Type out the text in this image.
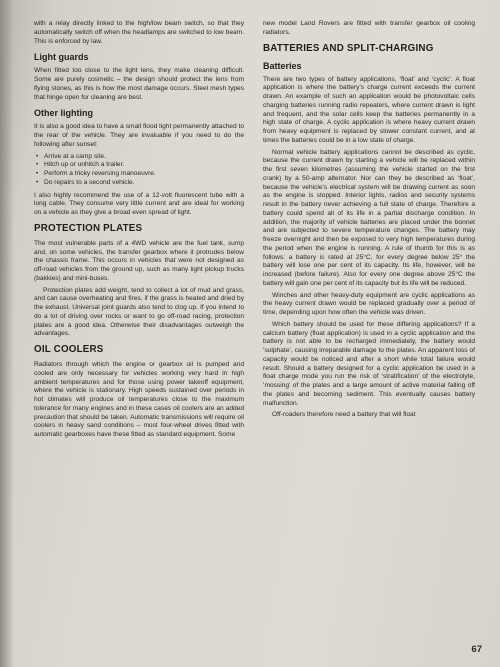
with a relay directly linked to the high/low beam switch, so that they automatically switch off when the headlamps are switched to low beam. This is enforced by law.

Light guards

When fitted too close to the light lens, they make cleaning difficult. Some are purely cosmetic – the design should protect the lens from flying stones, as this is how the most damage occurs. Steel mesh types that hinge open for cleaning are best.

Other lighting

It is also a good idea to have a small flood light permanently attached to the rear of the vehicle. They are invaluable if you need to do the following after sunset:

• Arrive at a camp site.
• Hitch up or unhitch a trailer.
• Perform a tricky reversing manoeuvre.
• Do repairs to a second vehicle.

I also highly recommend the use of a 12-volt fluorescent tube with a long cable. They consume very little current and are ideal for working on a vehicle as they give a broad even spread of light.

PROTECTION PLATES

The most vulnerable parts of a 4WD vehicle are the fuel tank, sump and, on some vehicles, the transfer gearbox where it protrudes below the chassis frame. This occurs in vehicles that were not designed as off-road vehicles from the ground up, such as many light pickup trucks (bakkies) and mini-buses.

Protection plates add weight, tend to collect a lot of mud and grass, and can cause overheating and fires, if the grass is heated and dried by the exhaust. Universal joint guards also tend to clog up. If you intend to do a lot of driving over rocks or want to go off-road racing, protection plates are a good idea. Otherwise their disadvantages outweigh the advantages.

OIL COOLERS

Radiators through which the engine or gearbox oil is pumped and cooled are only necessary for vehicles working very hard in high ambient temperatures and for those using power takeoff equipment, where the vehicle is stationary. High speeds sustained over periods in hot climates will produce oil temperatures close to the maximum tolerance for many engines and in these cases oil coolers are an added precaution that should be taken. Automatic transmissions will require oil coolers in heavy sand conditions – most four-wheel drives fitted with automatic gearboxes have these fitted as standard equipment. Some

new model Land Rovers are fitted with transfer gearbox oil cooling radiators.

BATTERIES AND SPLIT-CHARGING
Batteries

There are two types of battery applications, ‘float’ and ‘cyclic’. A float application is where the battery’s charge current exceeds the current drawn. An example of such an application would be photovoltaic cells charging batteries running radio repeaters, where current drawn is light and frequent, and the solar cells keep the batteries permanently in a high state of charge. A cyclic application is where heavy current drawn from heavy equipment is replaced by slower constant current, and at times the batteries could be in a low state of charge.

Normal vehicle battery applications cannot be described as cyclic, because the current drawn by starting a vehicle will be replaced within the first seven kilometres (assuming the vehicle started on the first crank) by a 50-amp alternator. Nor can they be described as ‘float’, because the vehicle’s electrical system will be drawing current as soon as the engine is stopped. Interior lights, radios and security systems result in the battery never achieving a full state of charge. Therefore a battery could spend all of its life in a partial discharge condition. In addition, the majority of vehicle batteries are placed under the bonnet and are subjected to severe temperature changes. The battery may freeze overnight and then be exposed to very high temperatures during the period when the engine is running. A rule of thumb for this is as follows: a battery is rated at 25°C, for every degree below 25° the battery will lose one per cent of its capacity. Its life, however, will be increased (before failure). Also for every one degree above 25°C the battery will gain one per cent of its capacity but its life will be reduced.

Winches and other heavy-duty equipment are cyclic applications as the heavy current drawn would be replaced gradually over a period of time, depending upon how often the vehicle was driven.

Which battery should be used for these differing applications? If a calcium battery (float application) is used in a cyclic application and the battery is not able to be recharged immediately, the battery would ‘sulphate’, causing irreparable damage to the plates. An apparent loss of capacity would be noticed and after a short while total failure would result. Should a battery designed for a cyclic application be used in a float charge mode you run the risk of ‘stratification’ of the electrolyte, ‘mossing’ of the plates and a large amount of active material falling off the plates and becoming sediment. This eventually causes battery malfunction.

Off-roaders therefore need a battery that will float

67
